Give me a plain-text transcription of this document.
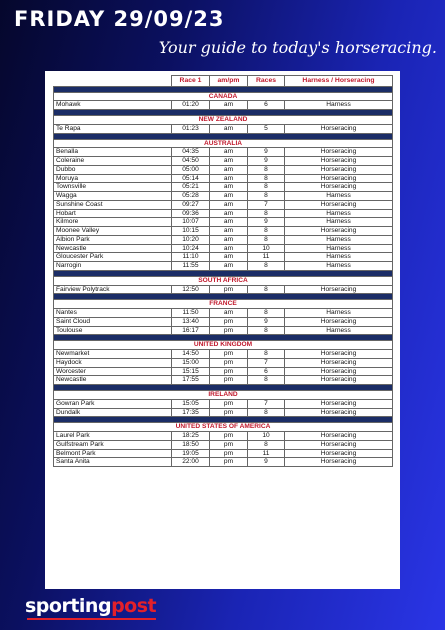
FRIDAY 29/09/23
Your guide to today's horseracing.
	Race 1	am/pm	Races	Harness / Horseracing

CANADA				
Mohawk	01:20	am	6	Harness

NEW ZEALAND				
Te Rapa	01:23	am	5	Horseracing

AUSTRALIA				
Benalla	04:35	am	9	Horseracing
Coleraine	04:50	am	9	Horseracing
Dubbo	05:00	am	8	Horseracing
Moruya	05:14	am	8	Horseracing
Townsville	05:21	am	8	Horseracing
Wagga	05:28	am	8	Harness
Sunshine Coast	09:27	am	7	Horseracing
Hobart	09:36	am	8	Harness
Kilmore	10:07	am	9	Harness
Moonee Valley	10:15	am	8	Horseracing
Albion Park	10:20	am	8	Harness
Newcastle	10:24	am	10	Harness
Gloucester Park	11:10	am	11	Harness
Narrogin	11:55	am	8	Harness

SOUTH AFRICA				
Fairview Polytrack	12:50	pm	8	Horseracing

FRANCE				
Nantes	11:50	am	8	Harness
Saint Cloud	13:40	pm	9	Horseracing
Toulouse	16:17	pm	8	Harness

UNITED KINGDOM				
Newmarket	14:50	pm	8	Horseracing
Haydock	15:00	pm	7	Horseracing
Worcester	15:15	pm	6	Horseracing
Newcastle	17:55	pm	8	Horseracing

IRELAND				
Gowran Park	15:05	pm	7	Horseracing
Dundalk	17:35	pm	8	Horseracing

UNITED STATES OF AMERICA				
Laurel Park	18:25	pm	10	Horseracing
Gulfstream Park	18:50	pm	8	Horseracing
Belmont Park	19:05	pm	11	Horseracing
Santa Anita	22:00	pm	9	Horseracing
sportingpost
